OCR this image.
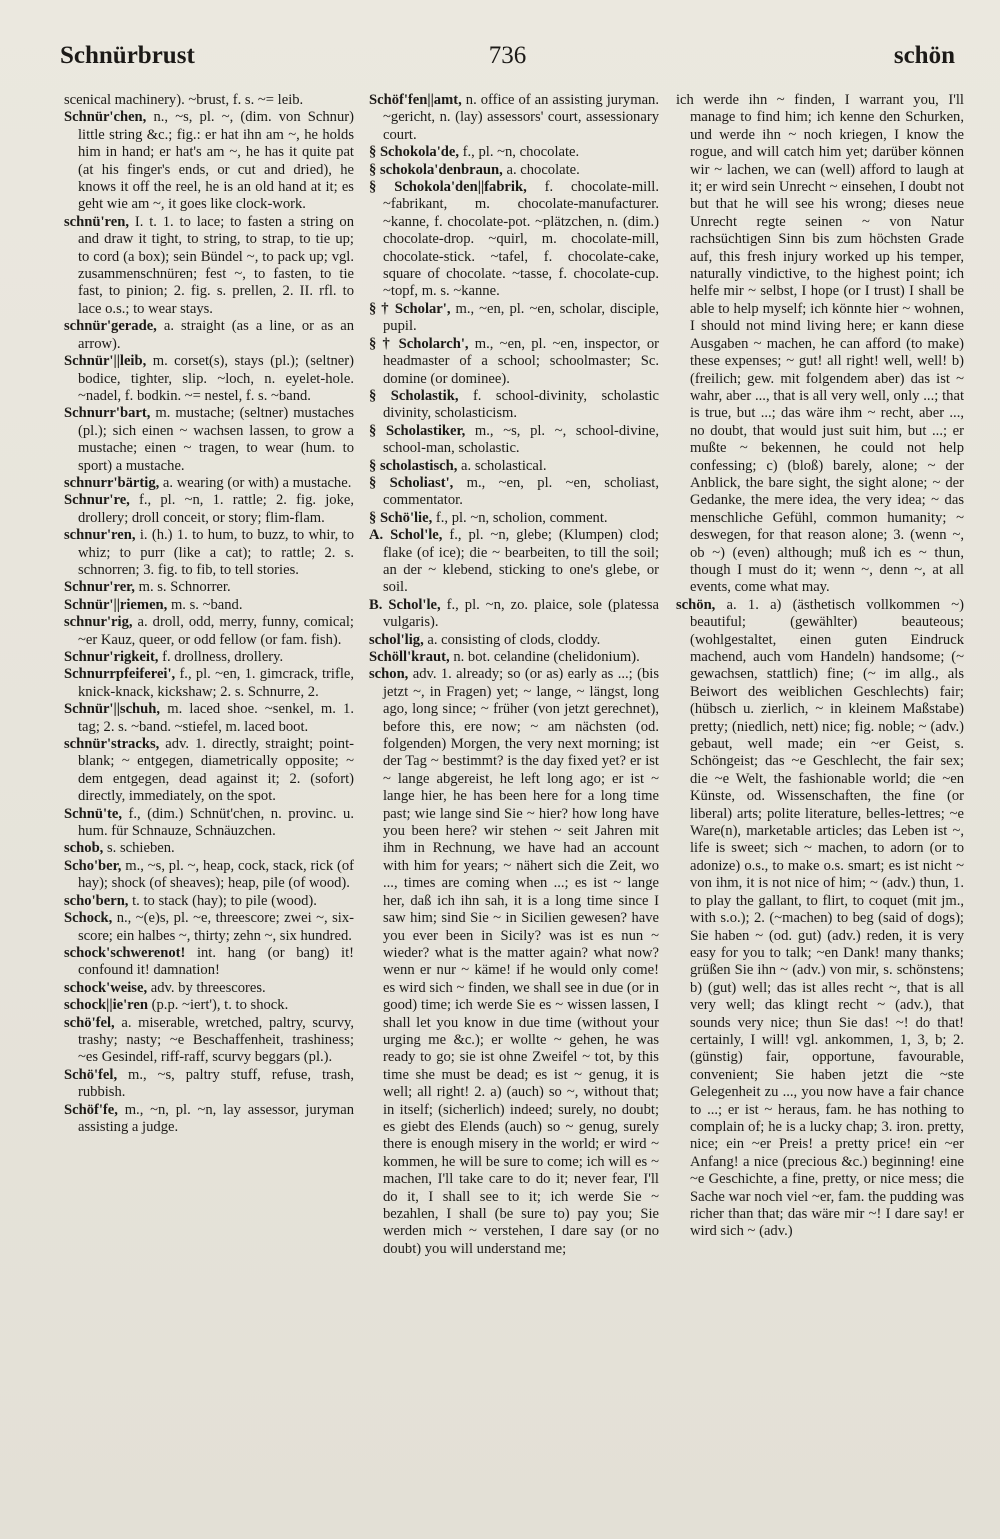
Schnürbrust	736	schön

scenical machinery). ~brust, f. s. ~= leib.

Schnür'chen, n., ~s, pl. ~, (dim. von Schnur) little string &c.; fig.: er hat ihn am ~, he holds him in hand; er hat's am ~, he has it quite pat (at his finger's ends, or cut and dried), he knows it off the reel, he is an old hand at it; es geht wie am ~, it goes like clock-work.

schnü'ren, I. t. 1. to lace; to fasten a string on and draw it tight, to string, to strap, to tie up; to cord (a box); sein Bündel ~, to pack up; vgl. zusammenschnüren; fest ~, to fasten, to tie fast, to pinion; 2. fig. s. prellen, 2. II. rfl. to lace o.s.; to wear stays.

schnür'gerade, a. straight (as a line, or as an arrow).

Schnür'||leib, m. corset(s), stays (pl.); (seltner) bodice, tighter, slip. ~loch, n. eyelet-hole. ~nadel, f. bodkin. ~= nestel, f. s. ~band.

Schnurr'bart, m. mustache; (seltner) mustaches (pl.); sich einen ~ wachsen lassen, to grow a mustache; einen ~ tragen, to wear (hum. to sport) a mustache.

schnurr'bärtig, a. wearing (or with) a mustache.

Schnur're, f., pl. ~n, 1. rattle; 2. fig. joke, drollery; droll conceit, or story; flim-flam.

schnur'ren, i. (h.) 1. to hum, to buzz, to whir, to whiz; to purr (like a cat); to rattle; 2. s. schnorren; 3. fig. to fib, to tell stories.

Schnur'rer, m. s. Schnorrer.

Schnür'||riemen, m. s. ~band.

schnur'rig, a. droll, odd, merry, funny, comical; ~er Kauz, queer, or odd fellow (or fam. fish).

Schnur'rigkeit, f. drollness, drollery.

Schnurrpfeiferei', f., pl. ~en, 1. gimcrack, trifle, knick-knack, kickshaw; 2. s. Schnurre, 2.

Schnür'||schuh, m. laced shoe. ~senkel, m. 1. tag; 2. s. ~band. ~stiefel, m. laced boot.

schnür'stracks, adv. 1. directly, straight; point-blank; ~ entgegen, diametrically opposite; ~ dem entgegen, dead against it; 2. (sofort) directly, immediately, on the spot.

Schnü'te, f., (dim.) Schnüt'chen, n. provinc. u. hum. für Schnauze, Schnäuzchen.

schob, s. schieben.

Scho'ber, m., ~s, pl. ~, heap, cock, stack, rick (of hay); shock (of sheaves); heap, pile (of wood).

scho'bern, t. to stack (hay); to pile (wood).

Schock, n., ~(e)s, pl. ~e, threescore; zwei ~, six-score; ein halbes ~, thirty; zehn ~, six hundred.

schock'schwerenot! int. hang (or bang) it! confound it! damnation!

schock'weise, adv. by threescores.

schock||ie'ren (p.p. ~iert'), t. to shock.

schö'fel, a. miserable, wretched, paltry, scurvy, trashy; nasty; ~e Beschaffenheit, trashiness; ~es Gesindel, riff-raff, scurvy beggars (pl.).

Schö'fel, m., ~s, paltry stuff, refuse, trash, rubbish.

Schöf'fe, m., ~n, pl. ~n, lay assessor, juryman assisting a judge.

Schöf'fen||amt, n. office of an assisting juryman. ~gericht, n. (lay) assessors' court, assessionary court.

§ Schokola'de, f., pl. ~n, chocolate.

§ schokola'denbraun, a. chocolate.

§ Schokola'den||fabrik, f. chocolate-mill. ~fabrikant, m. chocolate-manufacturer. ~kanne, f. chocolate-pot. ~plätzchen, n. (dim.) chocolate-drop. ~quirl, m. chocolate-mill, chocolate-stick. ~tafel, f. chocolate-cake, square of chocolate. ~tasse, f. chocolate-cup. ~topf, m. s. ~kanne.

§ † Scholar', m., ~en, pl. ~en, scholar, disciple, pupil.

§ † Scholarch', m., ~en, pl. ~en, inspector, or headmaster of a school; schoolmaster; Sc. domine (or dominee).

§ Scholastik, f. school-divinity, scholastic divinity, scholasticism.

§ Scholastiker, m., ~s, pl. ~, school-divine, school-man, scholastic.

§ scholastisch, a. scholastical.

§ Scholiast', m., ~en, pl. ~en, scholiast, commentator.

§ Schö'lie, f., pl. ~n, scholion, comment.

A. Schol'le, f., pl. ~n, glebe; (Klumpen) clod; flake (of ice); die ~ bearbeiten, to till the soil; an der ~ klebend, sticking to one's glebe, or soil.

B. Schol'le, f., pl. ~n, zo. plaice, sole (platessa vulgaris).

schol'lig, a. consisting of clods, cloddy.

Schöll'kraut, n. bot. celandine (chelidonium).

schon, adv. 1. already; so (or as) early as ...; (bis jetzt ~, in Fragen) yet; ~ lange, ~ längst, long ago, long since; ~ früher (von jetzt gerechnet), before this, ere now; ~ am nächsten (od. folgenden) Morgen, the very next morning; ist der Tag ~ bestimmt? is the day fixed yet? er ist ~ lange abgereist, he left long ago; er ist ~ lange hier, he has been here for a long time past; wie lange sind Sie ~ hier? how long have you been here? wir stehen ~ seit Jahren mit ihm in Rechnung, we have had an account with him for years; ~ nähert sich die Zeit, wo ..., times are coming when ...; es ist ~ lange her, daß ich ihn sah, it is a long time since I saw him; sind Sie ~ in Sicilien gewesen? have you ever been in Sicily? was ist es nun ~ wieder? what is the matter again? what now? wenn er nur ~ käme! if he would only come! es wird sich ~ finden, we shall see in due (or in good) time; ich werde Sie es ~ wissen lassen, I shall let you know in due time (without your urging me &c.); er wollte ~ gehen, he was ready to go; sie ist ohne Zweifel ~ tot, by this time she must be dead; es ist ~ genug, it is well; all right! 2. a) (auch) so ~, without that; in itself; (sicherlich) indeed; surely, no doubt; es giebt des Elends (auch) so ~ genug, surely there is enough misery in the world; er wird ~ kommen, he will be sure to come; ich will es ~ machen, I'll take care to do it; never fear, I'll do it, I shall see to it; ich werde Sie ~ bezahlen, I shall (be sure to) pay you; Sie werden mich ~ verstehen, I dare say (or no doubt) you will understand me;

ich werde ihn ~ finden, I warrant you, I'll manage to find him; ich kenne den Schurken, und werde ihn ~ noch kriegen, I know the rogue, and will catch him yet; darüber können wir ~ lachen, we can (well) afford to laugh at it; er wird sein Unrecht ~ einsehen, I doubt not but that he will see his wrong; dieses neue Unrecht regte seinen ~ von Natur rachsüchtigen Sinn bis zum höchsten Grade auf, this fresh injury worked up his temper, naturally vindictive, to the highest point; ich helfe mir ~ selbst, I hope (or I trust) I shall be able to help myself; ich könnte hier ~ wohnen, I should not mind living here; er kann diese Ausgaben ~ machen, he can afford (to make) these expenses; ~ gut! all right! well, well! b) (freilich; gew. mit folgendem aber) das ist ~ wahr, aber ..., that is all very well, only ...; that is true, but ...; das wäre ihm ~ recht, aber ..., no doubt, that would just suit him, but ...; er mußte ~ bekennen, he could not help confessing; c) (bloß) barely, alone; ~ der Anblick, the bare sight, the sight alone; ~ der Gedanke, the mere idea, the very idea; ~ das menschliche Gefühl, common humanity; ~ deswegen, for that reason alone; 3. (wenn ~, ob ~) (even) although; muß ich es ~ thun, though I must do it; wenn ~, denn ~, at all events, come what may.

schön, a. 1. a) (ästhetisch vollkommen ~) beautiful; (gewählter) beauteous; (wohlgestaltet, einen guten Eindruck machend, auch vom Handeln) handsome; (~ gewachsen, stattlich) fine; (~ im allg., als Beiwort des weiblichen Geschlechts) fair; (hübsch u. zierlich, ~ in kleinem Maßstabe) pretty; (niedlich, nett) nice; fig. noble; ~ (adv.) gebaut, well made; ein ~er Geist, s. Schöngeist; das ~e Geschlecht, the fair sex; die ~e Welt, the fashionable world; die ~en Künste, od. Wissenschaften, the fine (or liberal) arts; polite literature, belles-lettres; ~e Ware(n), marketable articles; das Leben ist ~, life is sweet; sich ~ machen, to adorn (or to adonize) o.s., to make o.s. smart; es ist nicht ~ von ihm, it is not nice of him; ~ (adv.) thun, 1. to play the gallant, to flirt, to coquet (mit jm., with s.o.); 2. (~machen) to beg (said of dogs); Sie haben ~ (od. gut) (adv.) reden, it is very easy for you to talk; ~en Dank! many thanks; grüßen Sie ihn ~ (adv.) von mir, s. schönstens; b) (gut) well; das ist alles recht ~, that is all very well; das klingt recht ~ (adv.), that sounds very nice; thun Sie das! ~! do that! certainly, I will! vgl. ankommen, 1, 3, b; 2. (günstig) fair, opportune, favourable, convenient; Sie haben jetzt die ~ste Gelegenheit zu ..., you now have a fair chance to ...; er ist ~ heraus, fam. he has nothing to complain of; he is a lucky chap; 3. iron. pretty, nice; ein ~er Preis! a pretty price! ein ~er Anfang! a nice (precious &c.) beginning! eine ~e Geschichte, a fine, pretty, or nice mess; die Sache war noch viel ~er, fam. the pudding was richer than that; das wäre mir ~! I dare say! er wird sich ~ (adv.)
